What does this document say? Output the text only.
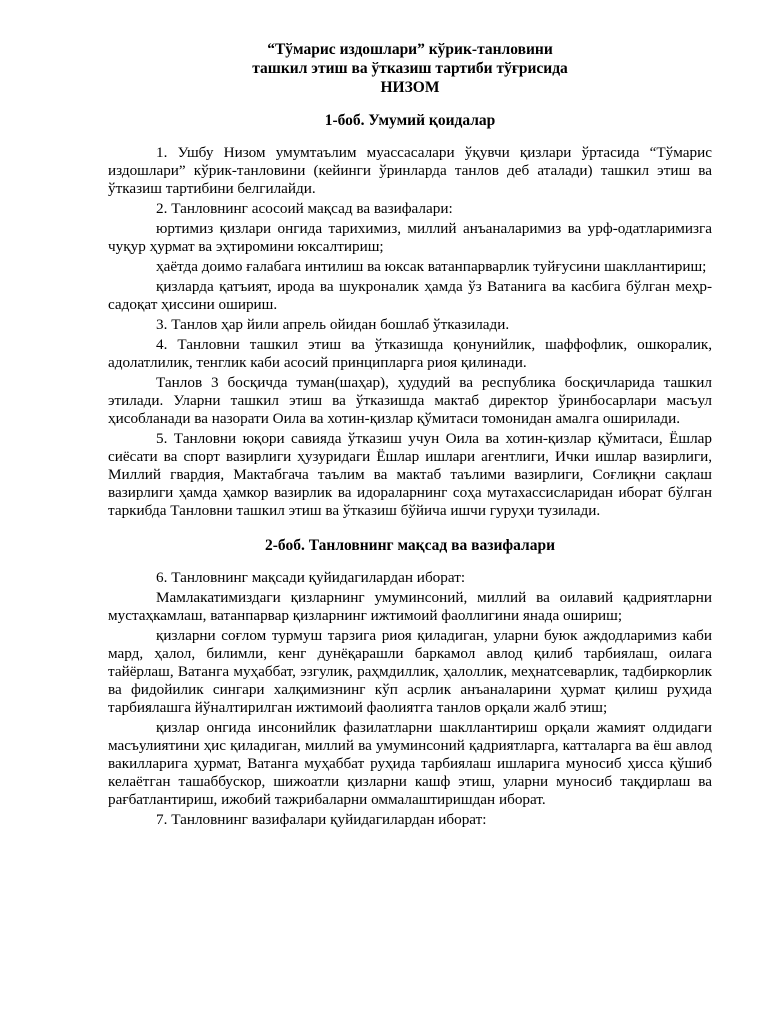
“Тўмарис издошлари” кўрик-танловини
ташкил этиш ва ўтказиш тартиби тўғрисида
НИЗОМ
1-боб. Умумий қоидалар

1. Ушбу Низом умумтаълим муассасалари ўқувчи қизлари ўртасида “Тўмарис издошлари” кўрик-танловини (кейинги ўринларда танлов деб аталади) ташкил этиш ва ўтказиш тартибини белгилайди.

2. Танловнинг асосоий мақсад ва вазифалари:

юртимиз қизлари онгида тарихимиз, миллий анъаналаримиз ва урф-одатларимизга чуқур ҳурмат ва эҳтиромини юксалтириш;

ҳаётда доимо ғалабага интилиш ва юксак ватанпарварлик туйғусини шакллантириш;

қизларда қатъият, ирода ва шукроналик ҳамда ўз Ватанига ва касбига бўлган меҳр-садоқат ҳиссини ошириш.

3. Танлов ҳар йили апрель ойидан бошлаб ўтказилади.

4. Танловни ташкил этиш ва ўтказишда қонунийлик, шаффофлик, ошкоралик, адолатлилик, тенглик каби асосий принципларга риоя қилинади.

Танлов 3 босқичда туман(шаҳар), ҳудудий ва республика босқичларида ташкил этилади. Уларни ташкил этиш ва ўтказишда мактаб директор ўринбосарлари масъул ҳисобланади ва назорати Оила ва хотин-қизлар қўмитаси томонидан амалга оширилади.

5. Танловни юқори савияда ўтказиш учун Оила ва хотин-қизлар қўмитаси, Ёшлар сиёсати ва спорт вазирлиги ҳузуридаги Ёшлар ишлари агентлиги, Ички ишлар вазирлиги, Миллий гвардия, Мактабгача таълим ва мактаб таълими вазирлиги, Соғлиқни сақлаш вазирлиги ҳамда ҳамкор вазирлик ва идораларнинг соҳа мутахассисларидан иборат бўлган таркибда Танловни ташкил этиш ва ўтказиш бўйича ишчи гуруҳи тузилади.

2-боб. Танловнинг мақсад ва вазифалари

6. Танловнинг мақсади қуйидагилардан иборат:

Мамлакатимиздаги қизларнинг умуминсоний, миллий ва оилавий қадриятларни мустаҳкамлаш, ватанпарвар қизларнинг ижтимоий фаоллигини янада ошириш;

қизларни соғлом турмуш тарзига риоя қиладиган, уларни буюк аждодларимиз каби мард, ҳалол, билимли, кенг дунёқарашли баркамол авлод қилиб тарбиялаш, оилага тайёрлаш, Ватанга муҳаббат, эзгулик, раҳмдиллик, ҳалоллик, меҳнатсеварлик, тадбиркорлик ва фидойилик сингари халқимизнинг кўп асрлик анъаналарини ҳурмат қилиш руҳида тарбиялашга йўналтирилган ижтимоий фаолиятга танлов орқали жалб этиш;

қизлар онгида инсонийлик фазилатларни шакллантириш орқали жамият олдидаги масъулиятини ҳис қиладиган, миллий ва умуминсоний қадриятларга, катталарга ва ёш авлод вакилларига ҳурмат, Ватанга муҳаббат руҳида тарбиялаш ишларига муносиб ҳисса қўшиб келаётган ташаббускор, шижоатли қизларни кашф этиш, уларни муносиб тақдирлаш ва рағбатлантириш, ижобий тажрибаларни оммалаштиришдан иборат.

7. Танловнинг вазифалари қуйидагилардан иборат:
